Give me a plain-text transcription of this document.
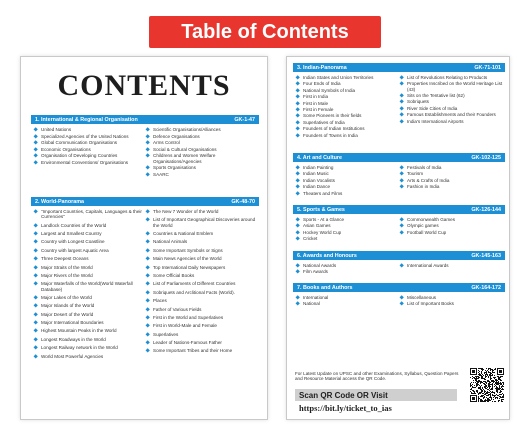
Table of Contents
CONTENTS
1. International & Regional Organisation	GK-1-47
United Nations
Specialized Agencies of the United Nations
Global Communication Organisations
Economic Organisations
Organisation of Developing Countries
Environmental Conventions/ Organisations
Scientific Organisations/Alliances
Defence Organisations
Arms Control
Social & Cultural Organisations
Childrens and Women Welfare Organisations/Agencies
Sports Organisations
SAARC
2. World-Panorama	GK-48-70
"Important Countries, Capitals, Languages & their Currencies"
Landlock Countries of the World
Largest and Smallest Country
Country with Longest Coastline
Country with largest Aquatic Area
Three Deepest Oceans
Major Straits of the World
Major Rivers of the World
Major Waterfalls of the World(World Waterfall Database)
Major Lakes of the World
Major Islands of the World
Major Desert of the World
Major International Boundaries
Highest Mountain Peaks in the World
Longest Roadways in the World
Longest Railway network in the World
World Most Powerful Agencies
The New 7 Wonder of the World
List of Important Geographical Discoveries around the World
Countries & National Emblem
National Animals
Some Important Symbols or Signs
Main News Agencies of the World
Top International Daily Newspapers
Some Official Books
List of Parliaments of Different Countries
Sobriquets and Arclitional Facts (World).
Places
Father of Various Fields
First in the World and Superlatives
First in World-Male and Female
Superlatives
Leader of Nations-Famous Father
Some Important Tribes and their Home
3. Indian-Panorama	GK-71-101
Indian States and Union Territories
Four Ends of India
National Symbols of India
First in India
First in Male
First in Female
Some Pioneers in their fields
Superlatives of India
Founders of Indian Institutions
Founders of Towns in India
List of Revolutions Relating to Products
Properties Inscribed on the World Heritage List (43)
Sits on the Tentative list (62)
Sobriquets
River Side Cities of India
Famous Establishments and their Founders
India's International Airports
4. Art and Culture	GK-102-125
Indian Painting
Indian Music
Indian Vocalists
Indian Dance
Theaters and Films
Festivals of India
Tourism
Arts & Crafts of India
Fashion in India
5. Sports & Games	GK-126-144
Sports - At a Glance
Asian Games
Hockey World Cup
Cricket
Commonwealth Games
Olympic games
Football World Cup
6. Awards and Honours	GK-145-163
National Awards
Film Awards
International Awards
7. Books and Authors	GK-164-172
International
National
Miscellaneous
List of Important Books
For Latest Update on UPSC and other Examinations, Syllabus, Question Papers and Resource Material access the QR Code.
Scan QR Code OR Visit
https://bit.ly/ticket_to_ias
